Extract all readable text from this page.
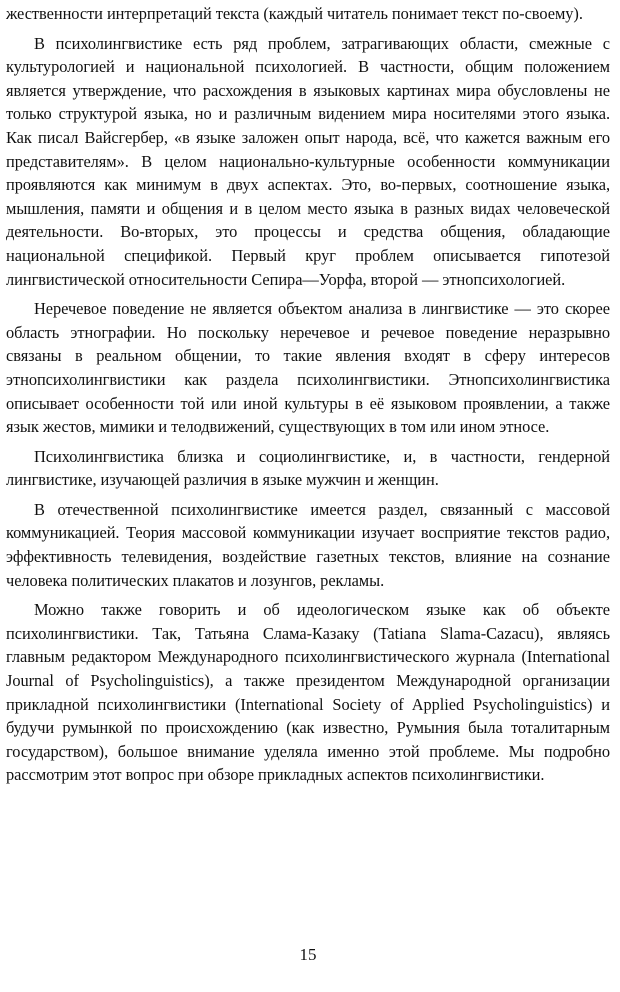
жественности интерпретаций текста (каждый читатель понимает текст по-своему).

В психолингвистике есть ряд проблем, затрагивающих области, смежные с культурологией и национальной психологией. В частности, общим положением является утверждение, что расхождения в языковых картинах мира обусловлены не только структурой языка, но и различным видением мира носителями этого языка. Как писал Вайсгербер, «в языке заложен опыт народа, всё, что кажется важным его представителям». В целом национально-культурные особенности коммуникации проявляются как минимум в двух аспектах. Это, во-первых, соотношение языка, мышления, памяти и общения и в целом место языка в разных видах человеческой деятельности. Во-вторых, это процессы и средства общения, обладающие национальной спецификой. Первый круг проблем описывается гипотезой лингвистической относительности Сепира—Уорфа, второй — этнопсихологией.

Неречевое поведение не является объектом анализа в лингвистике — это скорее область этнографии. Но поскольку неречевое и речевое поведение неразрывно связаны в реальном общении, то такие явления входят в сферу интересов этнопсихолингвистики как раздела психолингвистики. Этнопсихолингвистика описывает особенности той или иной культуры в её языковом проявлении, а также язык жестов, мимики и телодвижений, существующих в том или ином этносе.

Психолингвистика близка и социолингвистике, и, в частности, гендерной лингвистике, изучающей различия в языке мужчин и женщин.

В отечественной психолингвистике имеется раздел, связанный с массовой коммуникацией. Теория массовой коммуникации изучает восприятие текстов радио, эффективность телевидения, воздействие газетных текстов, влияние на сознание человека политических плакатов и лозунгов, рекламы.

Можно также говорить и об идеологическом языке как об объекте психолингвистики. Так, Татьяна Слама-Казаку (Tatiana Slama-Cazacu), являясь главным редактором Международного психолингвистического журнала (International Journal of Psycholinguistics), а также президентом Международной организации прикладной психолингвистики (International Society of Applied Psycholinguistics) и будучи румынкой по происхождению (как известно, Румыния была тоталитарным государством), большое внимание уделяла именно этой проблеме. Мы подробно рассмотрим этот вопрос при обзоре прикладных аспектов психолингвистики.

15
